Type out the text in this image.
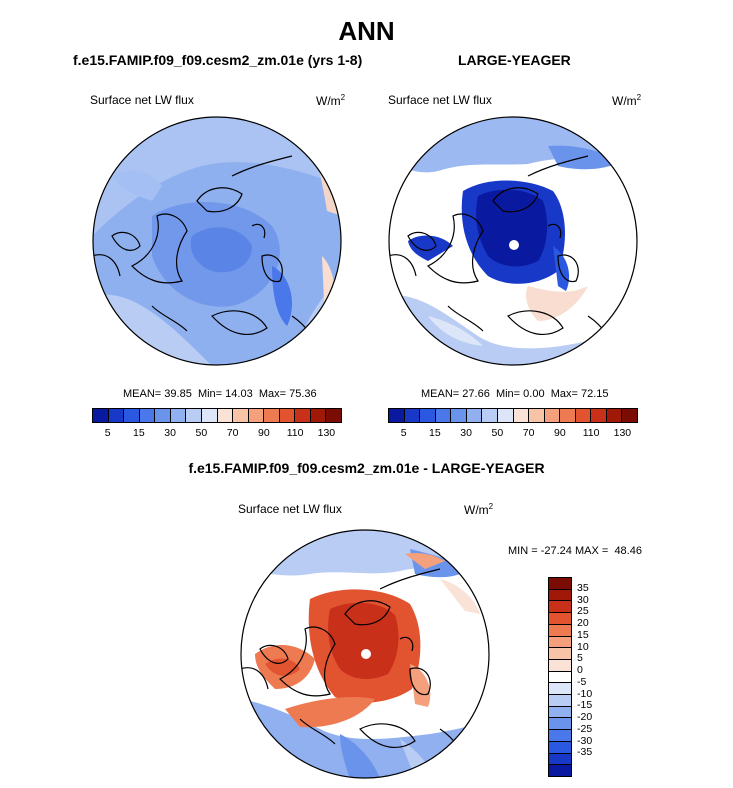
ANN
f.e15.FAMIP.f09_f09.cesm2_zm.01e (yrs 1-8)
Surface net LW flux	$W/m^2$
MEAN= 39.85 Min= 14.03 Max= 75.36
5	15	30	50	70	90	110	130
LARGE-YEAGER
Surface net LW flux	$W/m^2$
MEAN= 27.66 Min= 0.00 Max= 72.15
5	15	30	50	70	90	110	130
f.e15.FAMIP.f09_f09.cesm2_zm.01e - LARGE-YEAGER
Surface net LW flux	$W/m^2$
MIN = -27.24 MAX = 48.46
35
30
25
20
15
10
5
0
-5
-10
-15
-20
-25
-30
-35
